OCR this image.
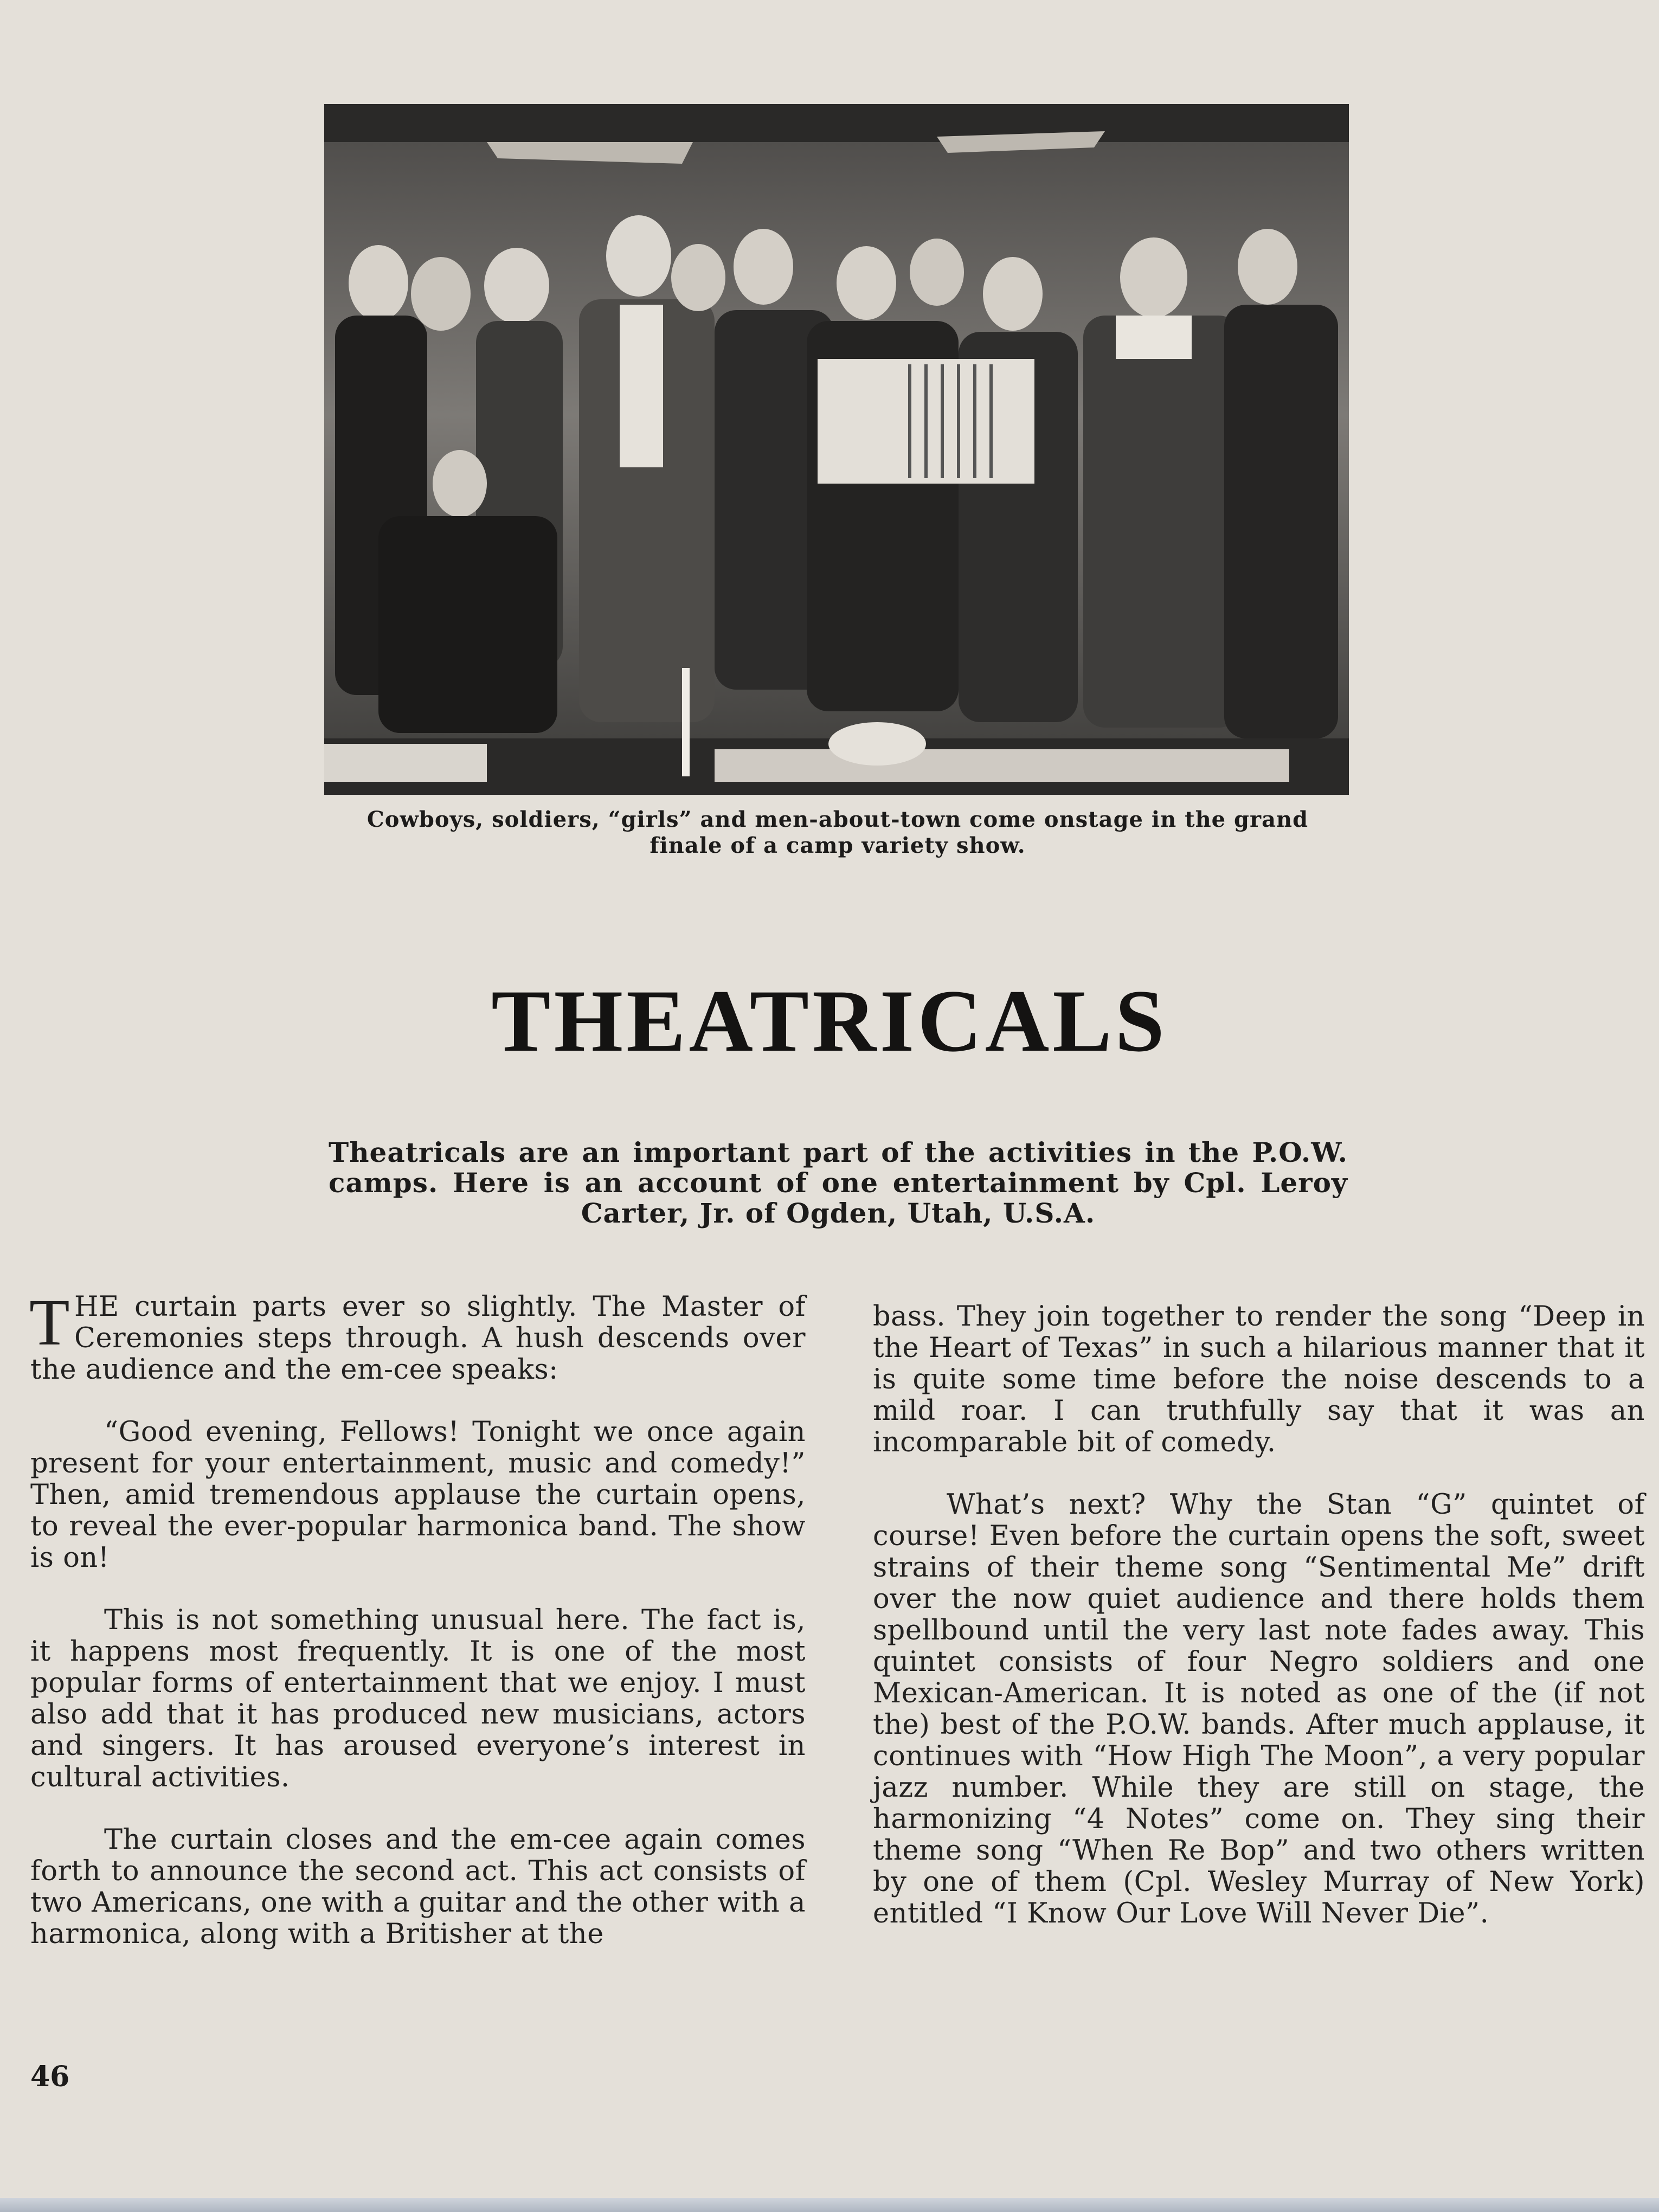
Cowboys, soldiers, “girls” and men-about-town come onstage in the grand finale of a camp variety show.
THEATRICALS
Theatricals are an important part of the activities in the P.O.W. camps. Here is an account of one entertainment by Cpl. Leroy Carter, Jr. of Ogden, Utah, U.S.A.

THE curtain parts ever so slightly. The Master of Ceremonies steps through. A hush descends over the audience and the em-cee speaks:

“Good evening, Fellows! Tonight we once again present for your entertainment, music and comedy!” Then, amid tremendous applause the curtain opens, to reveal the ever-popular harmonica band. The show is on!

This is not something unusual here. The fact is, it happens most frequently. It is one of the most popular forms of entertainment that we enjoy. I must also add that it has produced new musicians, actors and singers. It has aroused everyone’s interest in cultural activities.

The curtain closes and the em-cee again comes forth to announce the second act. This act consists of two Americans, one with a guitar and the other with a harmonica, along with a Britisher at the

bass. They join together to render the song “Deep in the Heart of Texas” in such a hilarious manner that it is quite some time before the noise descends to a mild roar. I can truthfully say that it was an incomparable bit of comedy.

What’s next? Why the Stan “G” quintet of course! Even before the curtain opens the soft, sweet strains of their theme song “Sentimental Me” drift over the now quiet audience and there holds them spellbound until the very last note fades away. This quintet consists of four Negro soldiers and one Mexican-American. It is noted as one of the (if not the) best of the P.O.W. bands. After much applause, it continues with “How High The Moon”, a very popular jazz number. While they are still on stage, the harmonizing “4 Notes” come on. They sing their theme song “When Re Bop” and two others written by one of them (Cpl. Wesley Murray of New York) entitled “I Know Our Love Will Never Die”.

46
